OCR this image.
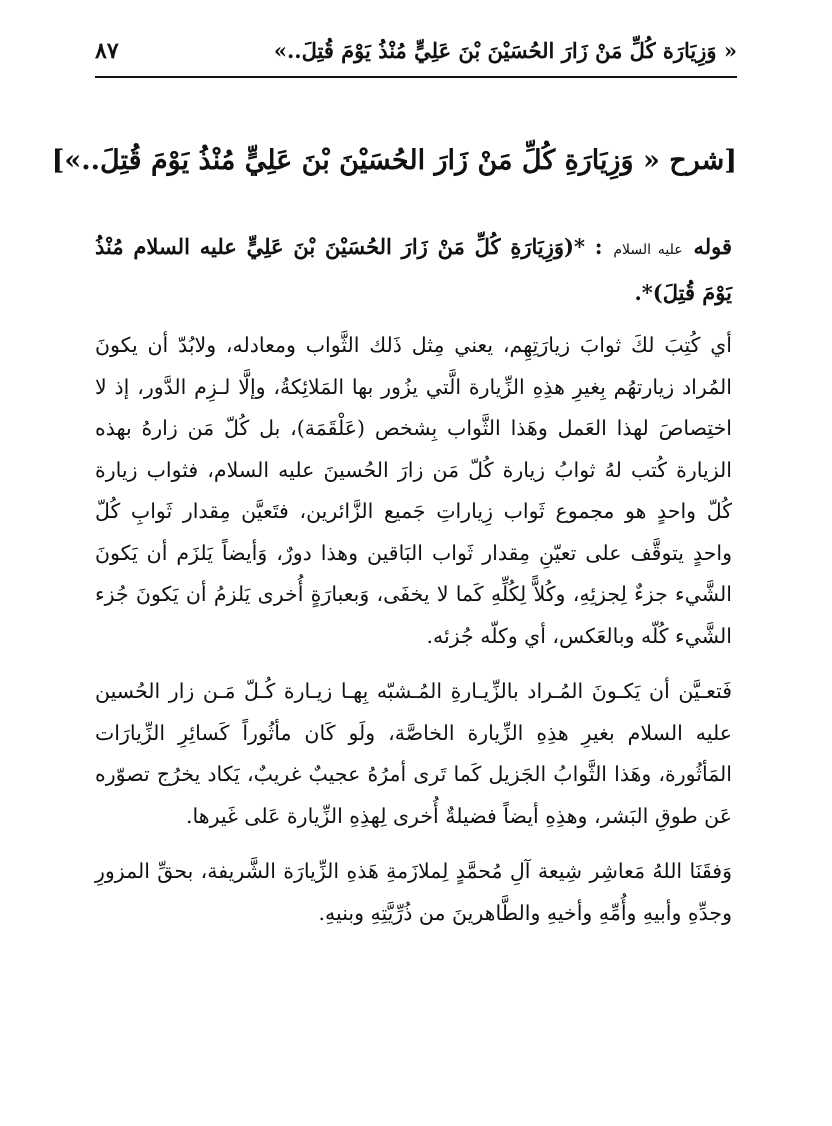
« وَزِيَارَة كُلِّ مَنْ زَارَ الحُسَيْنَ بْنَ عَلِيٍّ مُنْذُ يَوْمَ قُتِلَ..»
٨٧
[شرح « وَزِيَارَةِ كُلِّ مَنْ زَارَ الحُسَيْنَ بْنَ عَلِيٍّ مُنْذُ يَوْمَ قُتِلَ..»]

قوله عليه السلام : *(وَزِيَارَةِ كُلِّ مَنْ زَارَ الحُسَيْنَ بْنَ عَلِيٍّ عليه السلام مُنْذُ يَوْمَ قُتِلَ)*.

أي كُتِبَ لكَ ثوابَ زيارَتِهِم، يعني مِثل ذَلك الثَّواب ومعادله، ولابُدّ أن يكونَ المُراد زيارتهُم بِغيرِ هذِهِ الزِّيارة الَّتي يزُور بها المَلائِكةُ، وإلَّا لـزِم الدَّور، إذ لا اختِصاصَ لهذا العَمل وهَذا الثَّواب بِشخص (عَلْقَمَة)، بل كُلّ مَن زارهُ بهذه الزيارة كُتب لهُ ثوابُ زيارة كُلّ مَن زارَ الحُسينَ عليه السلام، فثواب زيارة كُلّ واحدٍ هو مجموع ثَواب زِياراتِ جَميع الزَّائرين، فتَعيَّن مِقدار ثَوابِ كُلّ واحدٍ يتوقَّف على تعيّنِ مِقدار ثَواب البَاقين وهذا دورٌ، وَأيضاً يَلزَم أن يَكونَ الشَّيء جزءٌ لِجزئِهِ، وكُلاًّ لِكُلِّهِ كَما لا يخفَى، وَبعبارَةٍ أُخرى يَلزمُ أن يَكونَ جُزء الشَّيء كُلّه وبالعَكس، أي وكلّه جُزئه.

فَتعـيَّن أن يَكـونَ المُـراد بالزِّيـارةِ المُـشبّه بِهـا زيـارة كُـلّ مَـن زار الحُسين عليه السلام بغيرِ هذِهِ الزِّيارة الخاصَّة، ولَو كَان مأثُوراً كَسائِرِ الزِّيارَات المَأثُورة، وهَذا الثَّوابُ الجَزيل كَما تَرى أمرُهُ عجيبٌ غريبٌ، يَكاد يخرُج تصوّره عَن طوقِ البَشر، وهذِهِ أيضاً فضيلةٌ أُخرى لِهذِهِ الزِّيارة عَلى غَيرها.

وَفقَنَا اللهُ مَعاشِر شِيعة آلِ مُحمَّدٍ لِملازَمةِ هَذهِ الزِّيارَة الشَّريفة، بحقِّ المزورِ وجدِّهِ وأبيهِ وأُمِّهِ وأخيهِ والطَّاهرينَ من ذُرِّيَّتِهِ وبنيهِ.
